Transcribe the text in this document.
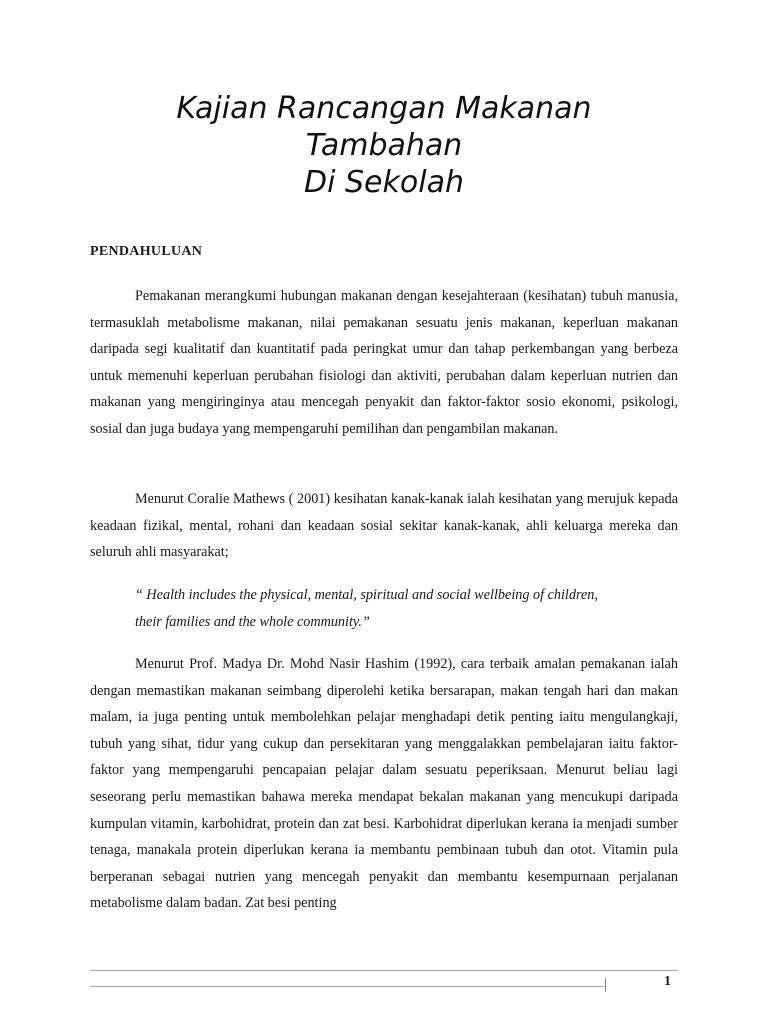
Kajian Rancangan Makanan
Tambahan
Di Sekolah
PENDAHULUAN

Pemakanan merangkumi hubungan makanan dengan kesejahteraan (kesihatan) tubuh manusia, termasuklah metabolisme makanan, nilai pemakanan sesuatu jenis makanan, keperluan makanan daripada segi kualitatif dan kuantitatif pada peringkat umur dan tahap perkembangan yang berbeza untuk memenuhi keperluan perubahan fisiologi dan aktiviti, perubahan dalam keperluan nutrien dan makanan yang mengiringinya atau mencegah penyakit dan faktor-faktor sosio ekonomi, psikologi, sosial dan juga budaya yang mempengaruhi pemilihan dan pengambilan makanan.

Menurut Coralie Mathews ( 2001) kesihatan kanak-kanak ialah kesihatan yang merujuk kepada keadaan fizikal, mental, rohani dan keadaan sosial sekitar kanak-kanak, ahli keluarga mereka dan seluruh ahli masyarakat;

“ Health includes the physical, mental, spiritual and social wellbeing of children,
their families and the whole community.”

Menurut Prof. Madya Dr. Mohd Nasir Hashim (1992), cara terbaik amalan pemakanan ialah dengan memastikan makanan seimbang diperolehi ketika bersarapan, makan tengah hari dan makan malam, ia juga penting untuk membolehkan pelajar menghadapi detik penting iaitu mengulangkaji, tubuh yang sihat, tidur yang cukup dan persekitaran yang menggalakkan pembelajaran iaitu faktor-faktor yang mempengaruhi pencapaian pelajar dalam sesuatu peperiksaan. Menurut beliau lagi seseorang perlu memastikan bahawa mereka mendapat bekalan makanan yang mencukupi daripada kumpulan vitamin, karbohidrat, protein dan zat besi. Karbohidrat diperlukan kerana ia menjadi sumber tenaga, manakala protein diperlukan kerana ia membantu pembinaan tubuh dan otot. Vitamin pula berperanan sebagai nutrien yang mencegah penyakit dan membantu kesempurnaan perjalanan metabolisme dalam badan. Zat besi penting

1
